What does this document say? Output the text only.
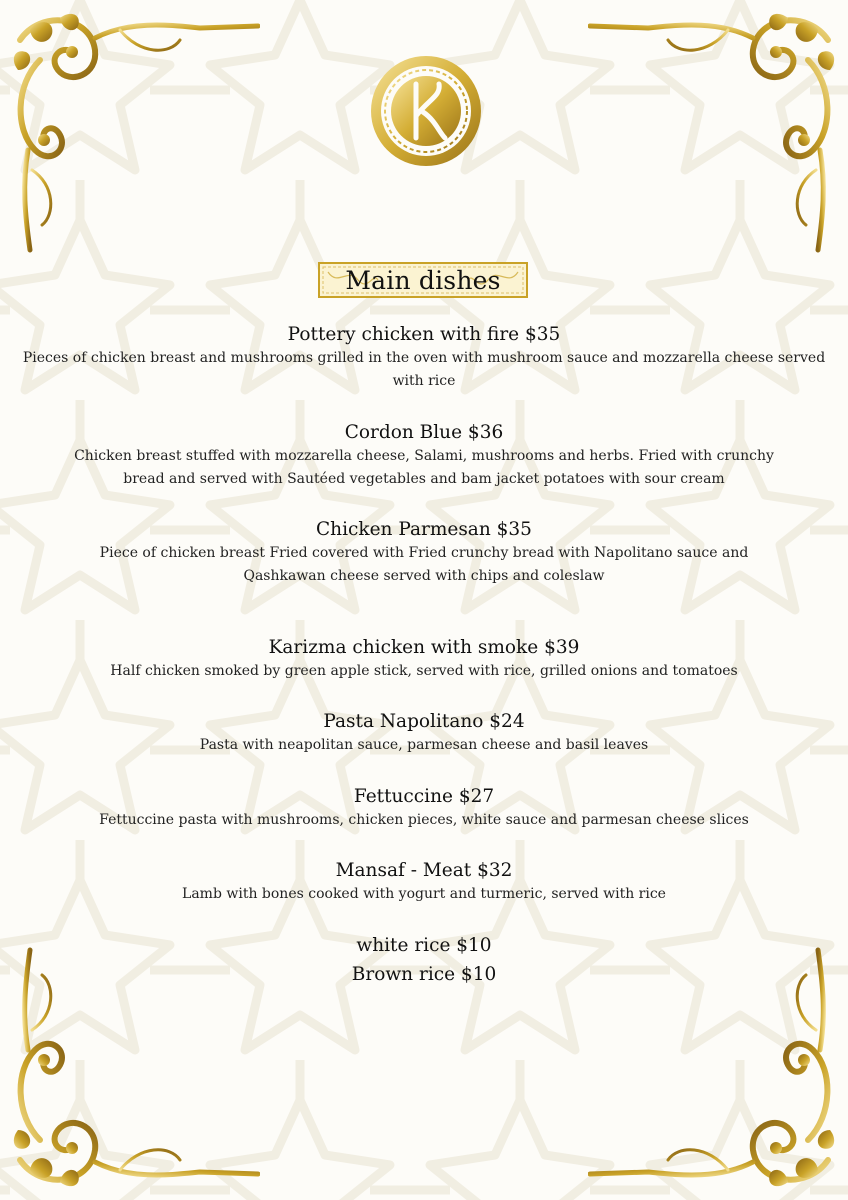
Main dishes
Pottery chicken with fire $35
Pieces of chicken breast and mushrooms grilled in the oven with mushroom sauce and mozzarella cheese served with rice
Cordon Blue $36
Chicken breast stuffed with mozzarella cheese, Salami, mushrooms and herbs. Fried with crunchy bread and served with Sautéed vegetables and bam jacket potatoes with sour cream
Chicken Parmesan $35
Piece of chicken breast Fried covered with Fried crunchy bread with Napolitano sauce and Qashkawan cheese served with chips and coleslaw
Karizma chicken with smoke $39
Half chicken smoked by green apple stick, served with rice, grilled onions and tomatoes
Pasta Napolitano $24
Pasta with neapolitan sauce, parmesan cheese and basil leaves
Fettuccine $27
Fettuccine pasta with mushrooms, chicken pieces, white sauce and parmesan cheese slices
Mansaf - Meat $32
Lamb with bones cooked with yogurt and turmeric, served with rice
white rice $10
Brown rice $10
